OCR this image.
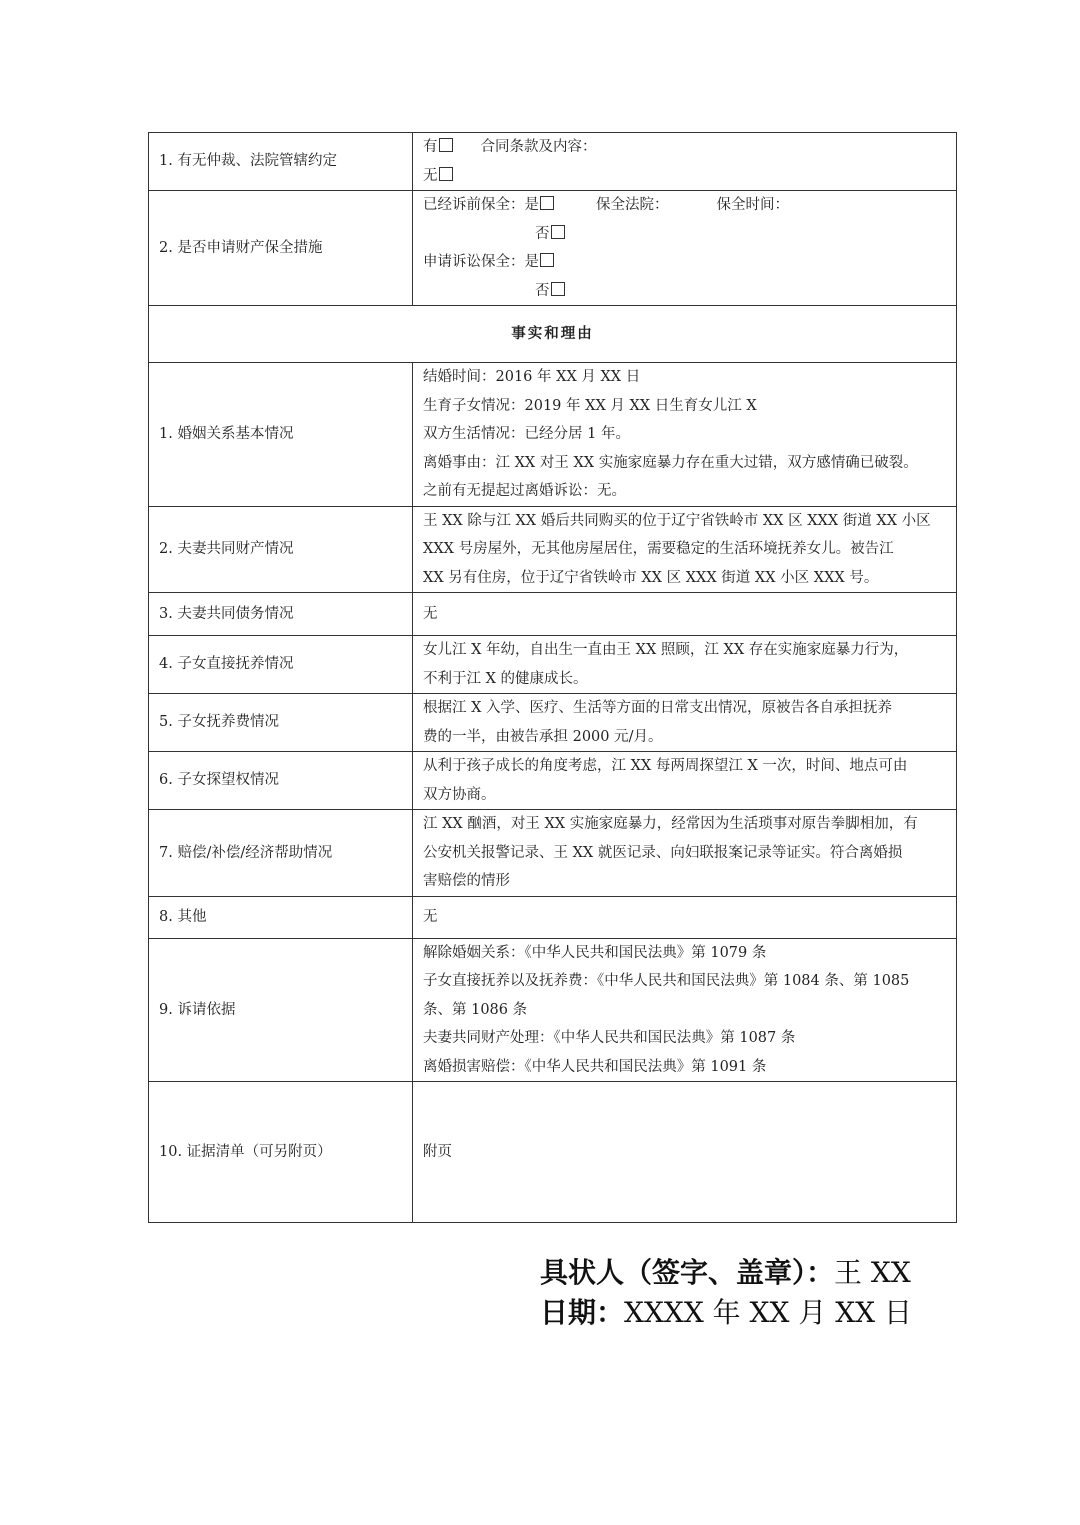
1. 有无仲裁、法院管辖约定	有 合同条款及内容：
无

2. 是否申请财产保全措施	已经诉前保全：是 保全法院： 保全时间：
否
申请诉讼保全：是
否

事实和理由	
1. 婚姻关系基本情况	结婚时间：2016 年 XX 月 XX 日
生育子女情况：2019 年 XX 月 XX 日生育女儿江 X
双方生活情况：已经分居 1 年。
离婚事由：江 XX 对王 XX 实施家庭暴力存在重大过错，双方感情确已破裂。
之前有无提起过离婚诉讼：无。

2. 夫妻共同财产情况	王 XX 除与江 XX 婚后共同购买的位于辽宁省铁岭市 XX 区 XXX 街道 XX 小区
XXX 号房屋外，无其他房屋居住，需要稳定的生活环境抚养女儿。被告江
XX 另有住房，位于辽宁省铁岭市 XX 区 XXX 街道 XX 小区 XXX 号。

3. 夫妻共同债务情况	无

4. 子女直接抚养情况	女儿江 X 年幼，自出生一直由王 XX 照顾，江 XX 存在实施家庭暴力行为，
不利于江 X 的健康成长。

5. 子女抚养费情况	根据江 X 入学、医疗、生活等方面的日常支出情况，原被告各自承担抚养
费的一半，由被告承担 2000 元/月。

6. 子女探望权情况	从利于孩子成长的角度考虑，江 XX 每两周探望江 X 一次，时间、地点可由
双方协商。

7. 赔偿/补偿/经济帮助情况	江 XX 酗酒，对王 XX 实施家庭暴力，经常因为生活琐事对原告拳脚相加，有
公安机关报警记录、王 XX 就医记录、向妇联报案记录等证实。符合离婚损
害赔偿的情形

8. 其他	无

9. 诉请依据	解除婚姻关系：《中华人民共和国民法典》第 1079 条
子女直接抚养以及抚养费：《中华人民共和国民法典》第 1084 条、第 1085
条、第 1086 条
夫妻共同财产处理：《中华人民共和国民法典》第 1087 条
离婚损害赔偿：《中华人民共和国民法典》第 1091 条

10. 证据清单（可另附页）	附页
具状人（签字、盖章）：王 XX
日期：XXXX 年 XX 月 XX 日
